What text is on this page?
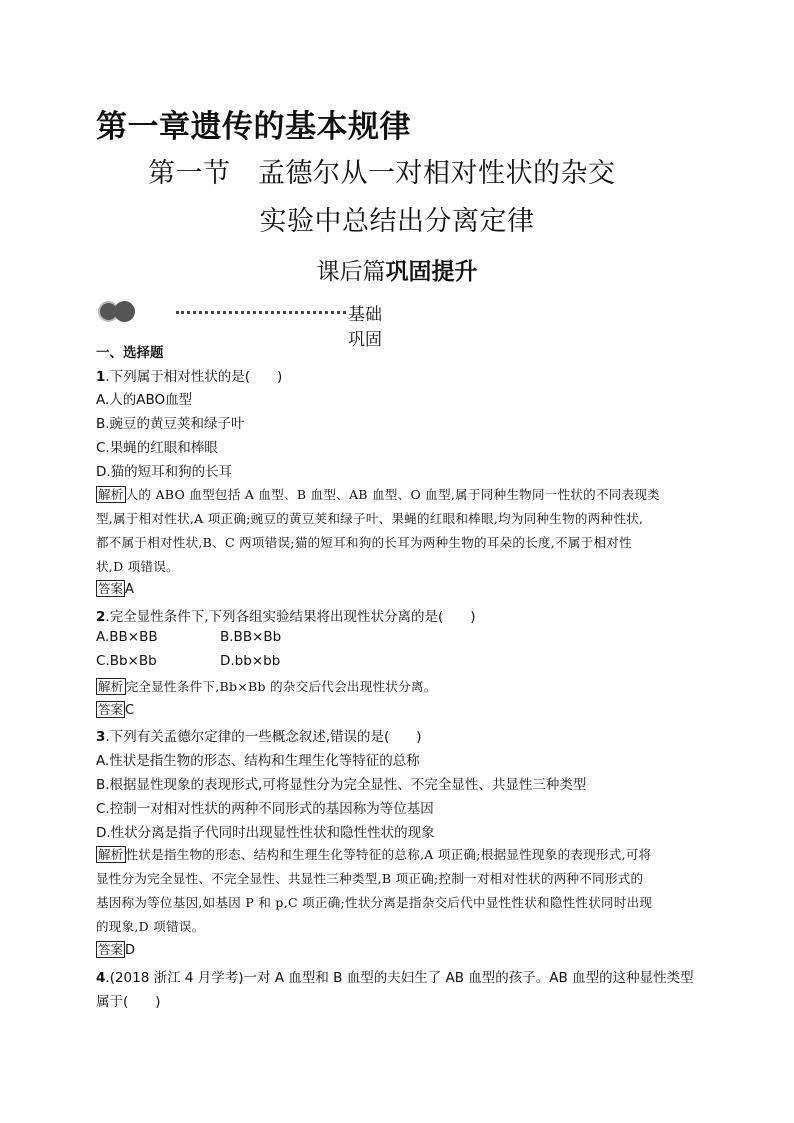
第一章遗传的基本规律
第一节　孟德尔从一对相对性状的杂交
实验中总结出分离定律
课后篇巩固提升
基础巩固
一、选择题
1.下列属于相对性状的是(　　)
A.人的ABO血型
B.豌豆的黄豆荚和绿子叶
C.果蝇的红眼和棒眼
D.猫的短耳和狗的长耳
解析 人的 ABO 血型包括 A 血型、B 血型、AB 血型、O 血型,属于同种生物同一性状的不同表现类
型,属于相对性状,A 项正确;豌豆的黄豆荚和绿子叶、果蝇的红眼和棒眼,均为同种生物的两种性状,
都不属于相对性状,B、C 两项错误;猫的短耳和狗的长耳为两种生物的耳朵的长度,不属于相对性
状,D 项错误。
答案 A
2.完全显性条件下,下列各组实验结果将出现性状分离的是(　　)
A.BB×BB	B.BB×Bb
C.Bb×Bb	D.bb×bb
解析 完全显性条件下,Bb×Bb 的杂交后代会出现性状分离。
答案 C
3.下列有关孟德尔定律的一些概念叙述,错误的是(　　)
A.性状是指生物的形态、结构和生理生化等特征的总称
B.根据显性现象的表现形式,可将显性分为完全显性、不完全显性、共显性三种类型
C.控制一对相对性状的两种不同形式的基因称为等位基因
D.性状分离是指子代同时出现显性性状和隐性性状的现象
解析 性状是指生物的形态、结构和生理生化等特征的总称,A 项正确;根据显性现象的表现形式,可将
显性分为完全显性、不完全显性、共显性三种类型,B 项正确;控制一对相对性状的两种不同形式的
基因称为等位基因,如基因 P 和 p,C 项正确;性状分离是指杂交后代中显性性状和隐性性状同时出现
的现象,D 项错误。
答案 D
4.(2018 浙江 4 月学考)一对 A 血型和 B 血型的夫妇生了 AB 血型的孩子。AB 血型的这种显性类型
属于(　　)
